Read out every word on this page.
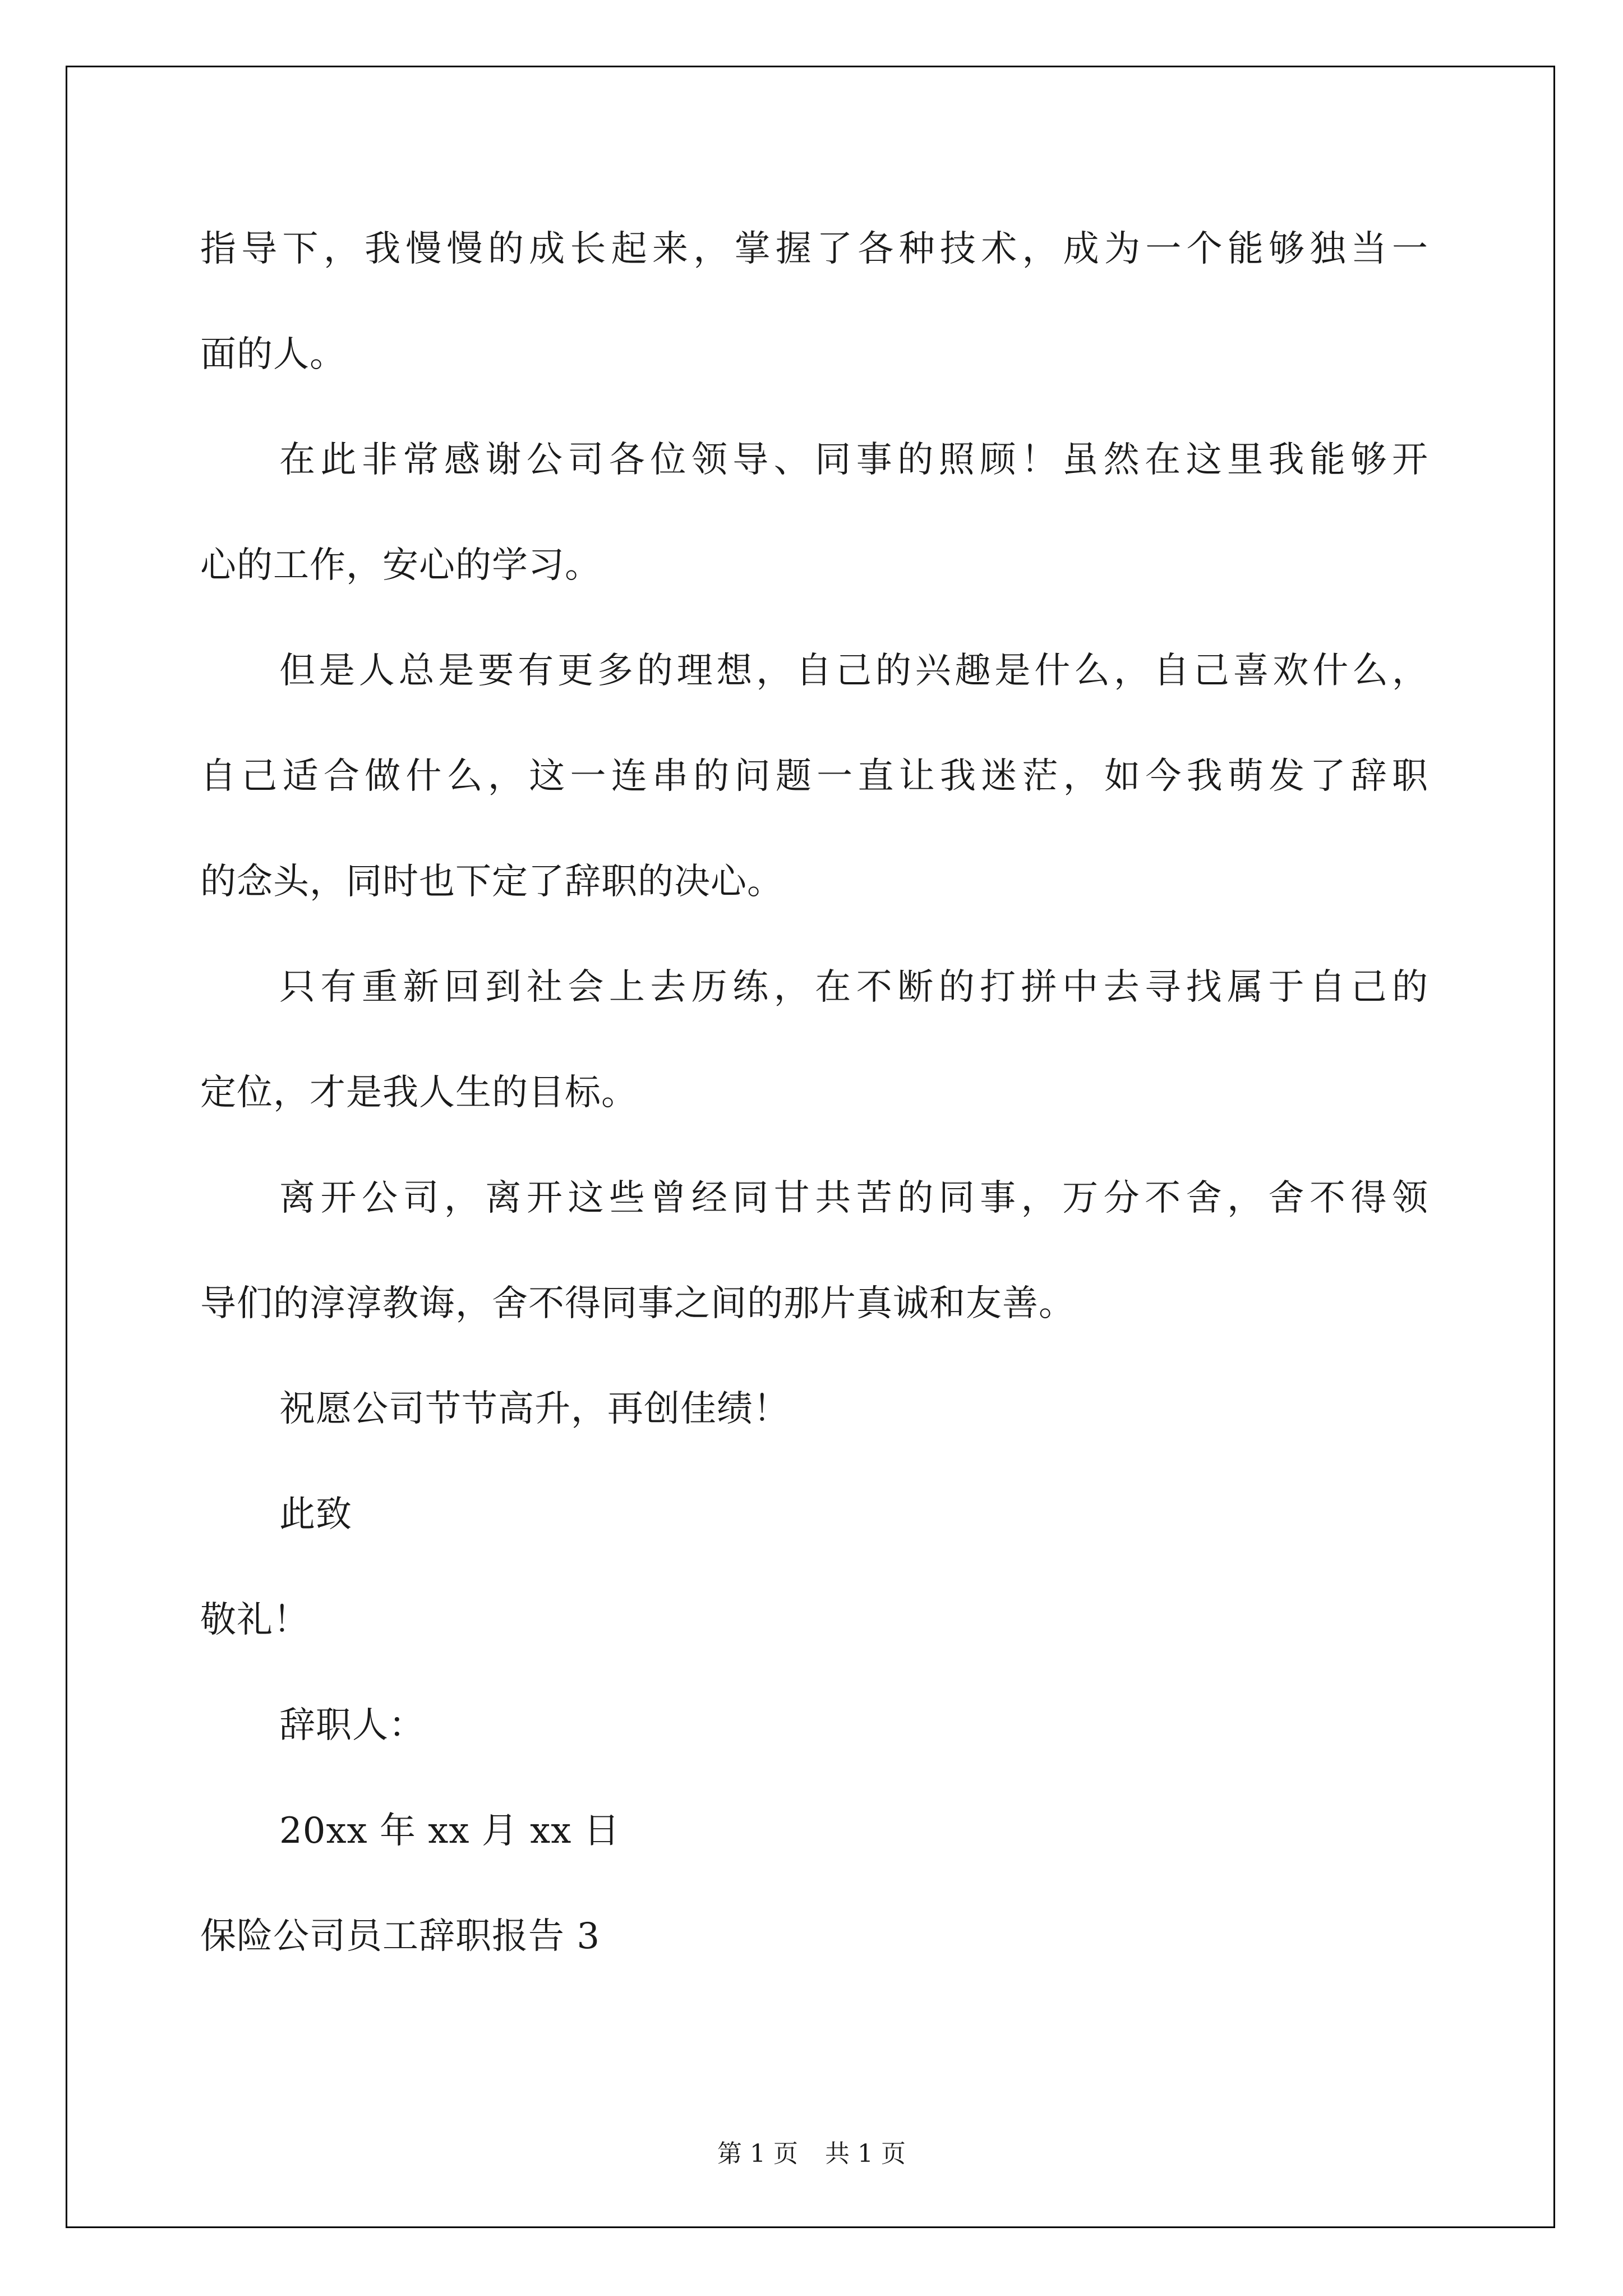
指导下，我慢慢的成长起来，掌握了各种技术，成为一个能够独当一
面的人。
在此非常感谢公司各位领导、同事的照顾！虽然在这里我能够开
心的工作，安心的学习。
但是人总是要有更多的理想，自己的兴趣是什么，自己喜欢什么，
自己适合做什么，这一连串的问题一直让我迷茫，如今我萌发了辞职
的念头，同时也下定了辞职的决心。
只有重新回到社会上去历练，在不断的打拼中去寻找属于自己的
定位，才是我人生的目标。
离开公司，离开这些曾经同甘共苦的同事，万分不舍，舍不得领
导们的淳淳教诲，舍不得同事之间的那片真诚和友善。
祝愿公司节节高升，再创佳绩！
此致
敬礼！
辞职人：
20xx 年 xx 月 xx 日
保险公司员工辞职报告 3
第 1 页 共 1 页
